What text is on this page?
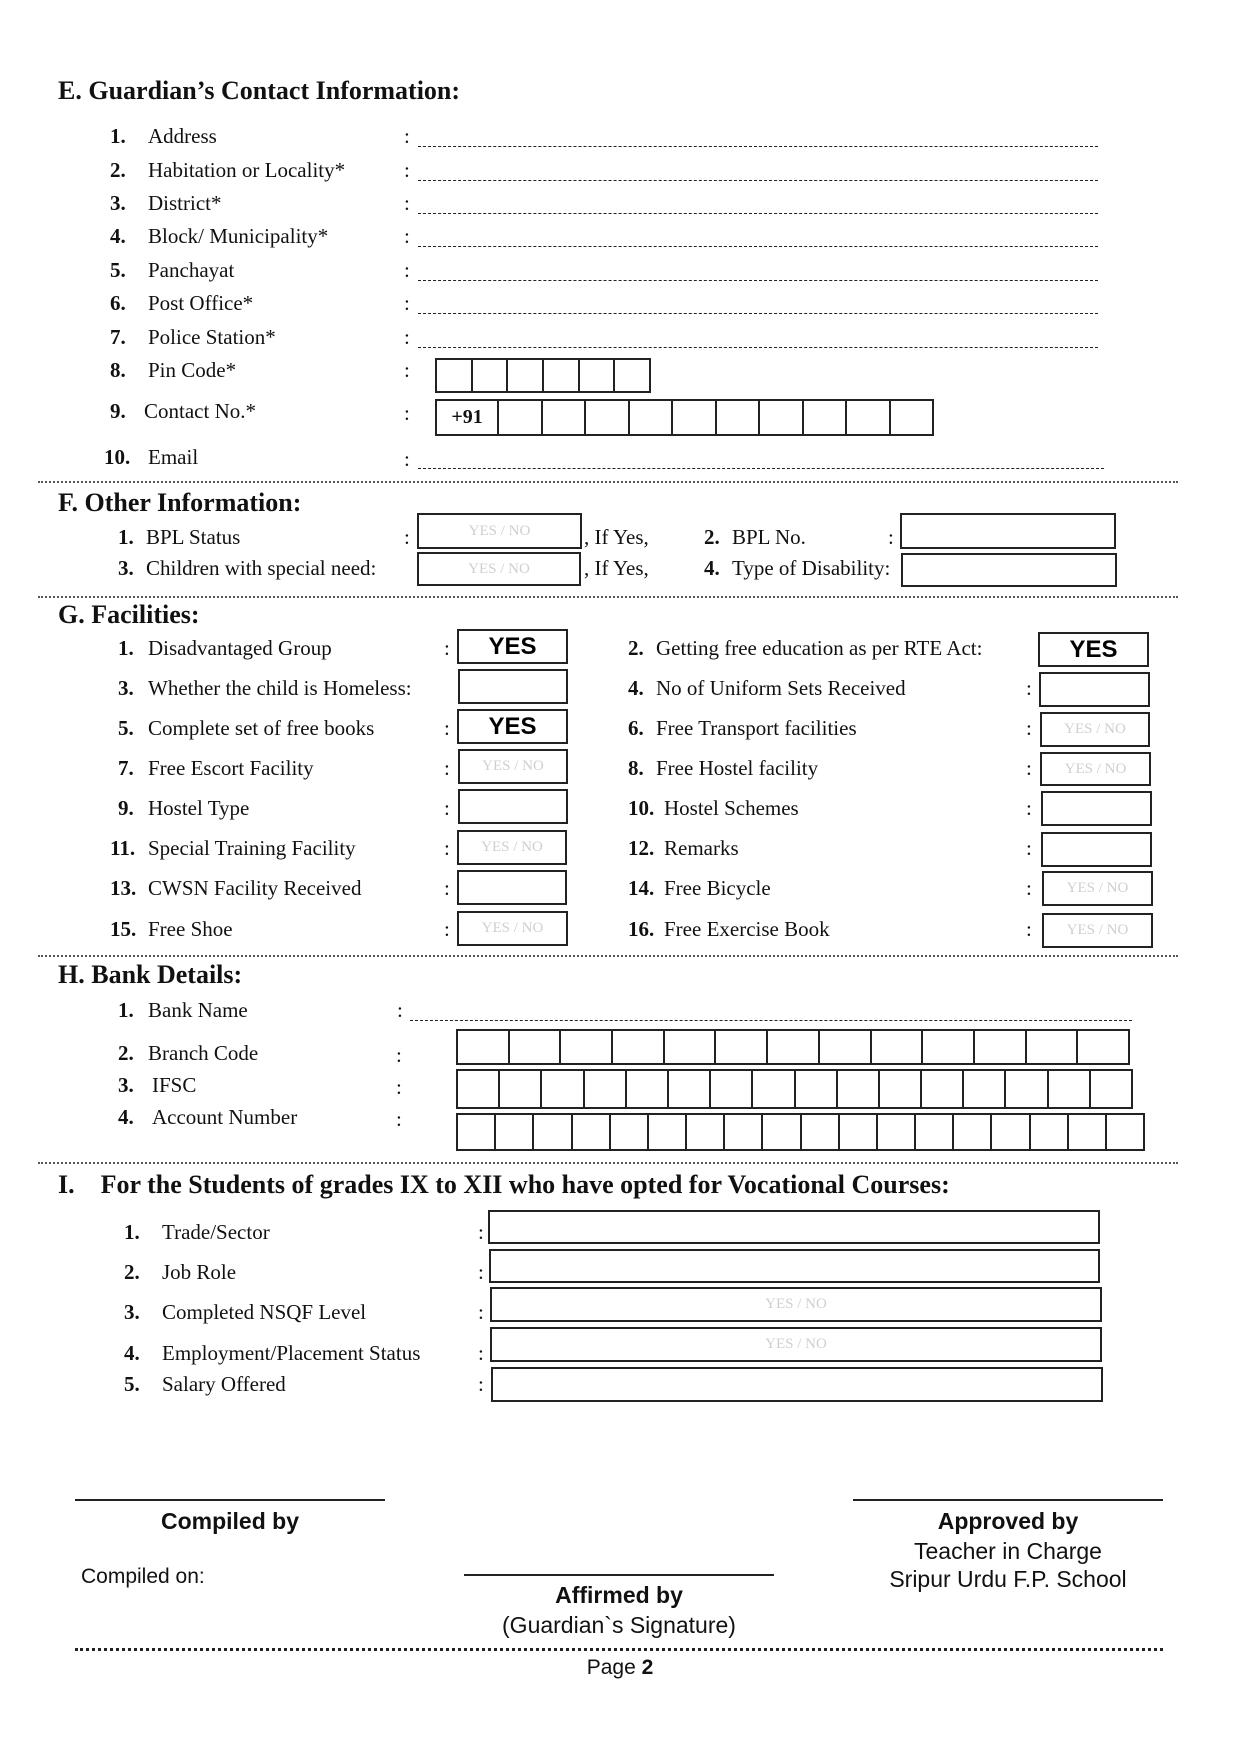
E. Guardian’s Contact Information:
1. Address	:
2. Habitation or Locality*	:
3. District*	:
4. Block/ Municipality*	:
5. Panchayat	:
6. Post Office*	:
7. Police Station*	:
8. Pin Code*	:
9. Contact No.*	:	+91
10. Email	:
F. Other Information:
1. BPL Status	:	YES / NO	, If Yes,	2. BPL No.	:
3. Children with special need:	YES / NO	, If Yes,	4. Type of Disability:
G. Facilities:
1. Disadvantaged Group	: YES
3. Whether the child is Homeless:
5. Complete set of free books	: YES
7. Free Escort Facility	: YES / NO
9. Hostel Type	:
11. Special Training Facility	: YES / NO
13. CWSN Facility Received	:
15. Free Shoe	: YES / NO
2. Getting free education as per RTE Act:	YES
4. No of Uniform Sets Received	:
6. Free Transport facilities	: YES / NO
8. Free Hostel facility	: YES / NO
10. Hostel Schemes	:
12. Remarks	:
14. Free Bicycle	: YES / NO
16. Free Exercise Book	: YES / NO
H. Bank Details:
1. Bank Name	:
2. Branch Code	:
3. IFSC	:
4. Account Number	:
I.    For the Students of grades IX to XII who have opted for Vocational Courses:
1. Trade/Sector	:
2. Job Role	:
3. Completed NSQF Level	:	YES / NO
4. Employment/Placement Status	:	YES / NO
5. Salary Offered	:
Compiled by
Compiled on:
Affirmed by
(Guardian`s Signature)
Approved by
Teacher in Charge
Sripur Urdu F.P. School
Page 2
